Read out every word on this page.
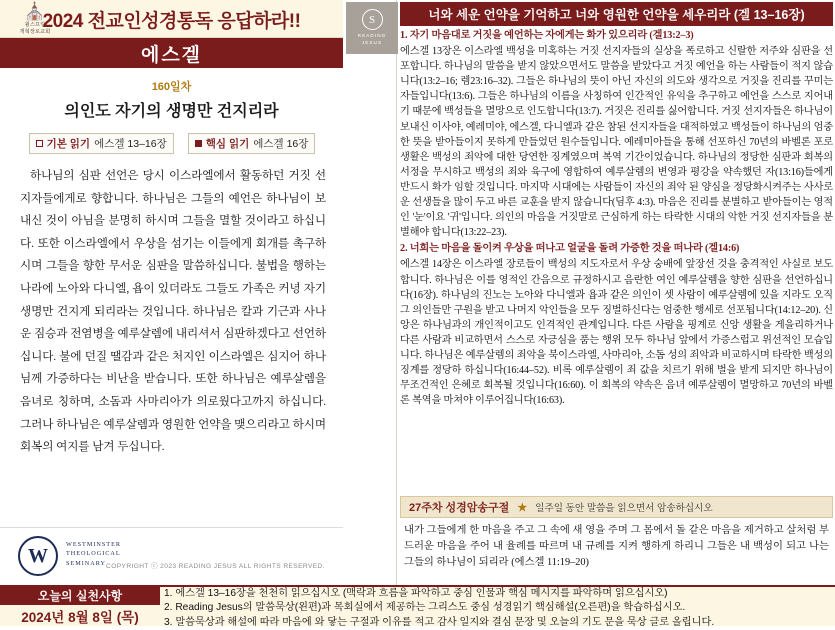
⛪
윌스프링
개혁장로교회
2024 전교인성경통독 응답하라!!
에스겔
160일차
의인도 자기의 생명만 건지리라
기본 읽기 에스겔 13–16장	핵심 읽기 에스겔 16장

하나님의 심판 선언은 당시 이스라엘에서 활동하던 거짓 선지자들에게로 향합니다. 하나님은 그들의 예언은 하나님이 보내신 것이 아님을 분명히 하시며 그들을 멸할 것이라고 하십니다. 또한 이스라엘에서 우상을 섬기는 이들에게 회개를 촉구하시며 그들을 향한 무서운 심판을 말씀하십니다. 불법을 행하는 나라에 노아와 다니엘, 욥이 있더라도 그들도 가족은 커녕 자기 생명만 건지게 되리라는 것입니다. 하나님은 칼과 기근과 사나운 짐승과 전염병을 예루살렘에 내리셔서 심판하겠다고 선언하십니다. 불에 던질 땔감과 같은 처지인 이스라엘은 심지어 하나님께 가증하다는 비난을 받습니다. 또한 하나님은 예루살렘을 음녀로 칭하며, 소돔과 사마리아가 의로웠다고까지 하십니다. 그러나 하나님은 예루살렘과 영원한 언약을 맺으리라고 하시며 회복의 여지를 남겨 두십니다.

W	WESTMINSTER
THEOLOGICAL
SEMINARY COPYRIGHT ⓒ 2023 READING JESUS ALL RIGHTS RESERVED.
S
READING
JESUS
너와 세운 언약을 기억하고 너와 영원한 언약을 세우리라 (겔 13–16장)

1. 자기 마음대로 거짓을 예언하는 자에게는 화가 있으리라 (겔13:2–3)

에스겔 13장은 이스라엘 백성을 미혹하는 거짓 선지자들의 실상을 폭로하고 신랄한 저주와 심판을 선포합니다. 하나님의 말씀을 받지 않았으면서도 말씀을 받았다고 거짓 예언을 하는 사람들이 적지 않습니다(13:2–16; 렘23:16–32). 그들은 하나님의 뜻이 아닌 자신의 의도와 생각으로 거짓을 진리를 꾸미는 자들입니다(13:6). 그들은 하나님의 이름을 사칭하여 인간적인 유익을 추구하고 예언을 스스로 지어내기 때문에 백성들을 멸망으로 인도합니다(13:7). 거짓은 진리를 싫어합니다. 거짓 선지자들은 하나님이 보내신 이사야, 예레미야, 에스겔, 다니엘과 같은 참된 선지자들을 대적하였고 백성들이 하나님의 엄중한 뜻을 받아들이지 못하게 만들었던 원수들입니다. 예레미아들을 통해 선포하신 70년의 바벨론 포로 생활은 백성의 죄악에 대한 당연한 징계였으며 복역 기간이었습니다. 하나님의 정당한 심판과 회복의 서정을 무시하고 백성의 죄와 육구에 영합하여 예루살렘의 변영과 평강을 약속했던 자(13:16)들에게 반드시 화가 임할 것입니다. 마지막 시대에는 사람들이 자신의 죄악 된 양심을 정당화시켜주는 사사로운 선생들을 많이 두고 바른 교훈을 받지 않습니다(딤후 4:3). 마음은 진리를 분별하고 받아들이는 영적인 '눈'이요 '귀'입니다. 의인의 마음을 거짓말로 근심하게 하는 타락한 시대의 악한 거짓 선지자들을 분별해야 합니다(13:22–23).

2. 너희는 마음을 돌이켜 우상을 떠나고 얼굴을 돌려 가증한 것을 떠나라 (겔14:6)

에스겔 14장은 이스라엘 장로들이 백성의 지도자로서 우상 숭배에 앞장선 것을 충격적인 사실로 보도합니다. 하나님은 이를 영적인 간음으로 규정하시고 음란한 여인 예루살렘을 향한 심판을 선언하십니다(16장). 하나님의 진노는 노아와 다니엘과 욥과 같은 의인이 셋 사람이 예루살렘에 있을 지라도 오직 그 의인들만 구원을 받고 나머지 악인들을 모두 징벌하신다는 엄중한 행세로 선포됩니다(14:12–20). 신앙은 하나님과의 개인적이고도 인격적인 관계입니다. 다른 사람을 핑계로 신앙 생활을 게을리하거나 다른 사람과 비교하면서 스스로 자긍심을 품는 행위 모두 하나님 앞에서 가증스럽고 위선적인 모습입니다. 하나님은 예루살렘의 죄악을 북이스라엘, 사마리아, 소돔 성의 죄악과 비교하시며 타락한 백성의 징계를 정당하 하십니다(16:44–52). 비록 예루살렘이 죄 값을 치르기 위해 벌을 받게 되지만 하나님이 무조건적인 은혜로 회복될 것입니다(16:60). 이 회복의 약속은 음녀 예루살렘이 멸망하고 70년의 바벨론 복역을 마쳐야 이루어집니다(16:63).

27주차 성경암송구절 ★ 일주일 동안 말씀을 읽으면서 암송하십시오
내가 그들에게 한 마음을 주고 그 속에 새 영을 주며 그 몸에서 돌 같은 마음을 제거하고 살처럼 부드러운 마음을 주어 내 율례를 따르며 내 규례를 지켜 행하게 하리니 그들은 내 백성이 되고 나는 그들의 하나님이 되리라 (에스겔 11:19–20)
오늘의 실천사항
2024년 8월 8일 (목)
1. 에스겔 13–16장을 천천히 읽으십시오 (맥락과 흐름을 파악하고 중심 인물과 핵심 메시지를 파악하며 읽으십시오)
2. Reading Jesus의 말씀묵상(왼편)과 목회실에서 제공하는 그리스도 중심 성경읽기 핵심해설(오른편)을 학습하십시오.
3. 말씀묵상과 해설에 따라 마음에 와 닿는 구절과 이유를 적고 감사 일지와 결심 문장 및 오늘의 기도 문을 묵상 글로 올립니다.
